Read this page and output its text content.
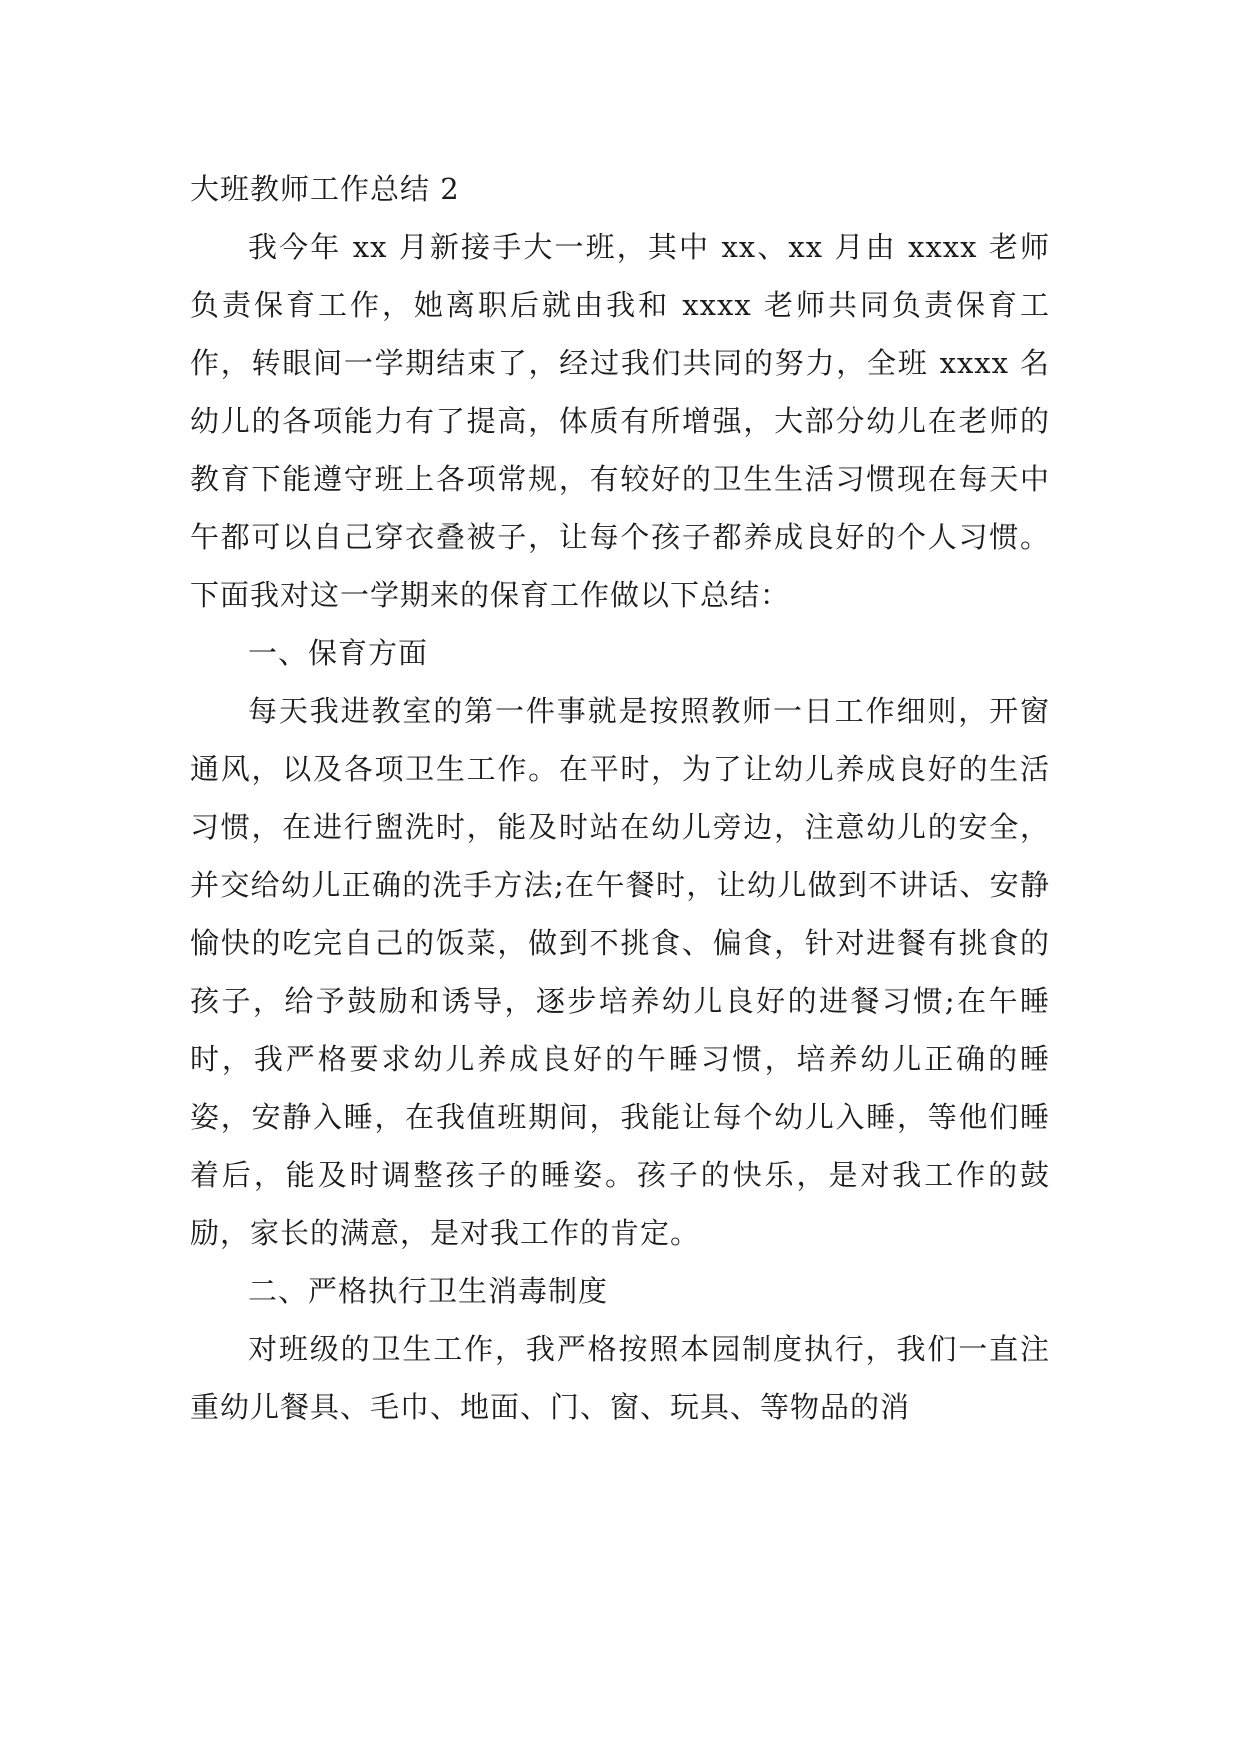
大班教师工作总结 2

我今年 xx 月新接手大一班，其中 xx、xx 月由 xxxx 老师负责保育工作，她离职后就由我和 xxxx 老师共同负责保育工作，转眼间一学期结束了，经过我们共同的努力，全班 xxxx 名幼儿的各项能力有了提高，体质有所增强，大部分幼儿在老师的教育下能遵守班上各项常规，有较好的卫生生活习惯现在每天中午都可以自己穿衣叠被子，让每个孩子都养成良好的个人习惯。下面我对这一学期来的保育工作做以下总结：

一、保育方面

每天我进教室的第一件事就是按照教师一日工作细则，开窗通风，以及各项卫生工作。在平时，为了让幼儿养成良好的生活习惯，在进行盥洗时，能及时站在幼儿旁边，注意幼儿的安全，并交给幼儿正确的洗手方法;在午餐时，让幼儿做到不讲话、安静愉快的吃完自己的饭菜，做到不挑食、偏食，针对进餐有挑食的孩子，给予鼓励和诱导，逐步培养幼儿良好的进餐习惯;在午睡时，我严格要求幼儿养成良好的午睡习惯，培养幼儿正确的睡姿，安静入睡，在我值班期间，我能让每个幼儿入睡，等他们睡着后，能及时调整孩子的睡姿。孩子的快乐，是对我工作的鼓励，家长的满意，是对我工作的肯定。

二、严格执行卫生消毒制度

对班级的卫生工作，我严格按照本园制度执行，我们一直注重幼儿餐具、毛巾、地面、门、窗、玩具、等物品的消
